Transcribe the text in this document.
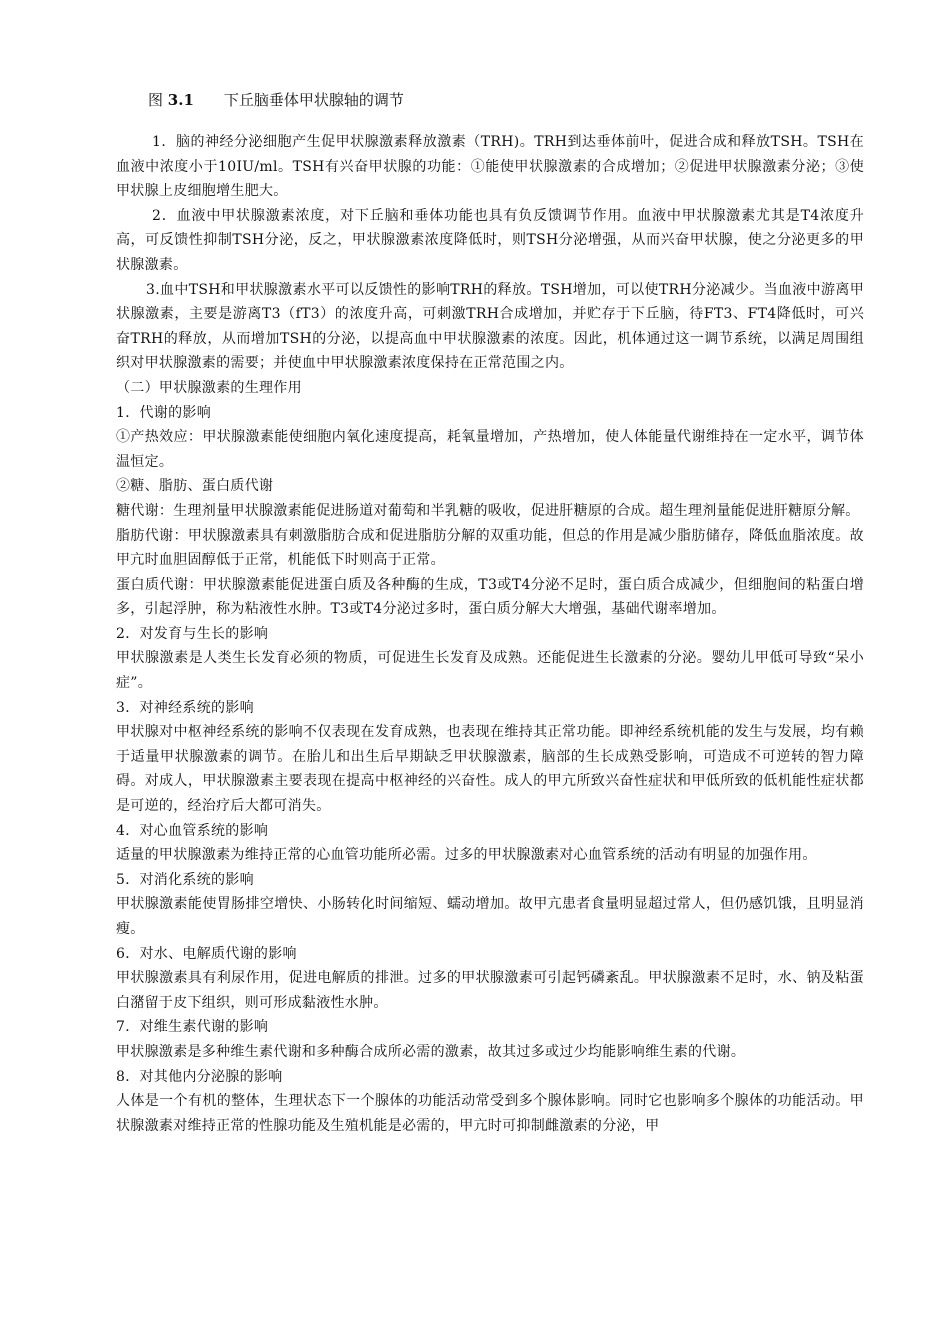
图 3.1 下丘脑垂体甲状腺轴的调节

1．脑的神经分泌细胞产生促甲状腺激素释放激素（TRH)。TRH到达垂体前叶，促进合成和释放TSH。TSH在血液中浓度小于10IU/ml。TSH有兴奋甲状腺的功能：①能使甲状腺激素的合成增加；②促进甲状腺激素分泌；③使甲状腺上皮细胞增生肥大。

2．血液中甲状腺激素浓度，对下丘脑和垂体功能也具有负反馈调节作用。血液中甲状腺激素尤其是T4浓度升高，可反馈性抑制TSH分泌，反之，甲状腺激素浓度降低时，则TSH分泌增强，从而兴奋甲状腺，使之分泌更多的甲状腺激素。

3.血中TSH和甲状腺激素水平可以反馈性的影响TRH的释放。TSH增加，可以使TRH分泌减少。当血液中游离甲状腺激素，主要是游离T3（fT3）的浓度升高，可刺激TRH合成增加，并贮存于下丘脑，待FT3、FT4降低时，可兴奋TRH的释放，从而增加TSH的分泌，以提高血中甲状腺激素的浓度。因此，机体通过这一调节系统，以满足周围组织对甲状腺激素的需要；并使血中甲状腺激素浓度保持在正常范围之内。

（二）甲状腺激素的生理作用

1．代谢的影响

①产热效应：甲状腺激素能使细胞内氧化速度提高，耗氧量增加，产热增加，使人体能量代谢维持在一定水平，调节体温恒定。

②糖、脂肪、蛋白质代谢

糖代谢：生理剂量甲状腺激素能促进肠道对葡萄和半乳糖的吸收，促进肝糖原的合成。超生理剂量能促进肝糖原分解。

脂肪代谢：甲状腺激素具有刺激脂肪合成和促进脂肪分解的双重功能，但总的作用是减少脂肪储存，降低血脂浓度。故甲亢时血胆固醇低于正常，机能低下时则高于正常。

蛋白质代谢：甲状腺激素能促进蛋白质及各种酶的生成，T3或T4分泌不足时，蛋白质合成减少，但细胞间的粘蛋白增多，引起浮肿，称为粘液性水肿。T3或T4分泌过多时，蛋白质分解大大增强，基础代谢率增加。

2．对发育与生长的影响

甲状腺激素是人类生长发育必须的物质，可促进生长发育及成熟。还能促进生长激素的分泌。婴幼儿甲低可导致“呆小症”。

3．对神经系统的影响

甲状腺对中枢神经系统的影响不仅表现在发育成熟，也表现在维持其正常功能。即神经系统机能的发生与发展，均有赖于适量甲状腺激素的调节。在胎儿和出生后早期缺乏甲状腺激素，脑部的生长成熟受影响，可造成不可逆转的智力障碍。对成人，甲状腺激素主要表现在提高中枢神经的兴奋性。成人的甲亢所致兴奋性症状和甲低所致的低机能性症状都是可逆的，经治疗后大都可消失。

4．对心血管系统的影响

适量的甲状腺激素为维持正常的心血管功能所必需。过多的甲状腺激素对心血管系统的活动有明显的加强作用。

5．对消化系统的影响

甲状腺激素能使胃肠排空增快、小肠转化时间缩短、蠕动增加。故甲亢患者食量明显超过常人，但仍感饥饿，且明显消瘦。

6．对水、电解质代谢的影响

甲状腺激素具有利尿作用，促进电解质的排泄。过多的甲状腺激素可引起钙磷紊乱。甲状腺激素不足时，水、钠及粘蛋白潴留于皮下组织，则可形成黏液性水肿。

7．对维生素代谢的影响

甲状腺激素是多种维生素代谢和多种酶合成所必需的激素，故其过多或过少均能影响维生素的代谢。

8．对其他内分泌腺的影响

人体是一个有机的整体，生理状态下一个腺体的功能活动常受到多个腺体影响。同时它也影响多个腺体的功能活动。甲状腺激素对维持正常的性腺功能及生殖机能是必需的，甲亢时可抑制雌激素的分泌，甲
